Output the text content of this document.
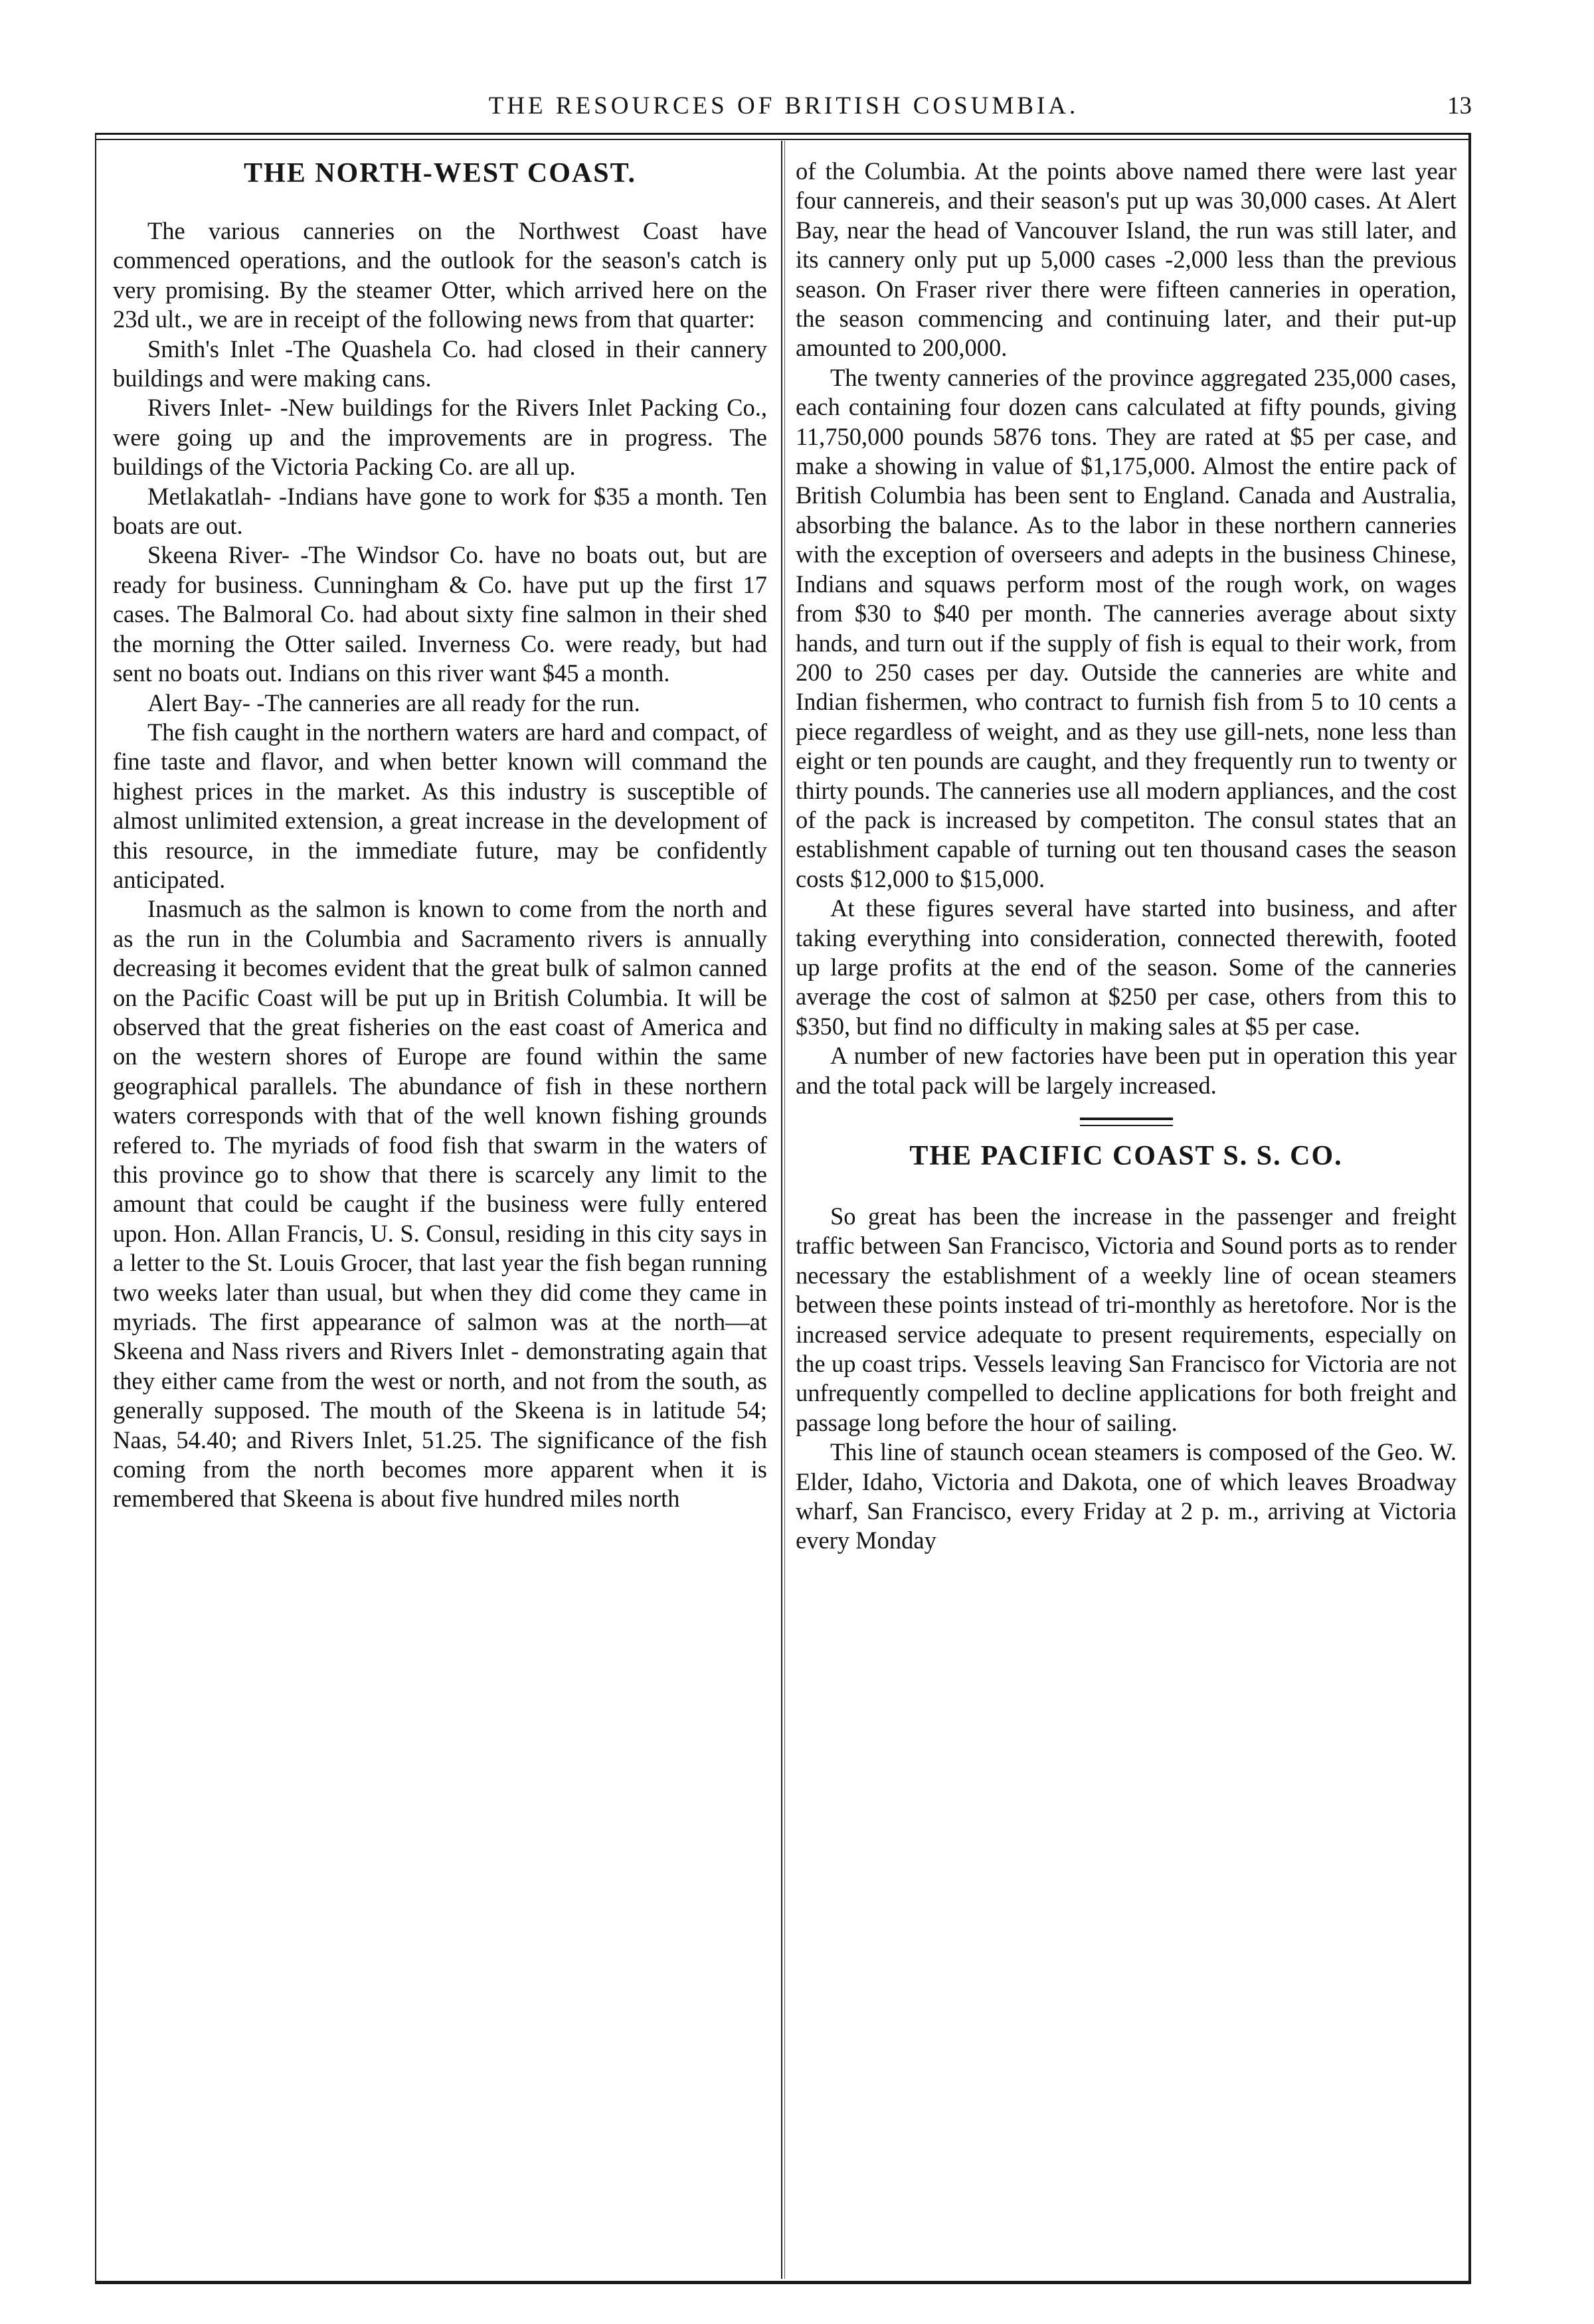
THE RESOURCES OF BRITISH COSUMBIA.	13
THE NORTH-WEST COAST.

The various canneries on the Northwest Coast have commenced operations, and the outlook for the season's catch is very promising. By the steamer Otter, which arrived here on the 23d ult., we are in receipt of the following news from that quarter:

Smith's Inlet -The Quashela Co. had closed in their cannery buildings and were making cans.

Rivers Inlet- -New buildings for the Rivers Inlet Packing Co., were going up and the improvements are in progress. The buildings of the Victoria Packing Co. are all up.

Metlakatlah- -Indians have gone to work for $35 a month. Ten boats are out.

Skeena River- -The Windsor Co. have no boats out, but are ready for business. Cunningham & Co. have put up the first 17 cases. The Balmoral Co. had about sixty fine salmon in their shed the morning the Otter sailed. Inverness Co. were ready, but had sent no boats out. Indians on this river want $45 a month.

Alert Bay- -The canneries are all ready for the run.

The fish caught in the northern waters are hard and compact, of fine taste and flavor, and when better known will command the highest prices in the market. As this industry is susceptible of almost unlimited extension, a great increase in the development of this resource, in the immediate future, may be confidently anticipated.

Inasmuch as the salmon is known to come from the north and as the run in the Columbia and Sacramento rivers is annually decreasing it becomes evident that the great bulk of salmon canned on the Pacific Coast will be put up in British Columbia. It will be observed that the great fisheries on the east coast of America and on the western shores of Europe are found within the same geographical parallels. The abundance of fish in these northern waters corresponds with that of the well known fishing grounds refered to. The myriads of food fish that swarm in the waters of this province go to show that there is scarcely any limit to the amount that could be caught if the business were fully entered upon. Hon. Allan Francis, U. S. Consul, residing in this city says in a letter to the St. Louis Grocer, that last year the fish began running two weeks later than usual, but when they did come they came in myriads. The first appearance of salmon was at the north—at Skeena and Nass rivers and Rivers Inlet - demonstrating again that they either came from the west or north, and not from the south, as generally supposed. The mouth of the Skeena is in latitude 54; Naas, 54.40; and Rivers Inlet, 51.25. The significance of the fish coming from the north becomes more apparent when it is remembered that Skeena is about five hundred miles north

of the Columbia. At the points above named there were last year four cannereis, and their season's put up was 30,000 cases. At Alert Bay, near the head of Vancouver Island, the run was still later, and its cannery only put up 5,000 cases -2,000 less than the previous season. On Fraser river there were fifteen canneries in operation, the season commencing and continuing later, and their put-up amounted to 200,000.

The twenty canneries of the province aggregated 235,000 cases, each containing four dozen cans calculated at fifty pounds, giving 11,750,000 pounds 5876 tons. They are rated at $5 per case, and make a showing in value of $1,175,000. Almost the entire pack of British Columbia has been sent to England. Canada and Australia, absorbing the balance. As to the labor in these northern canneries with the exception of overseers and adepts in the business Chinese, Indians and squaws perform most of the rough work, on wages from $30 to $40 per month. The canneries average about sixty hands, and turn out if the supply of fish is equal to their work, from 200 to 250 cases per day. Outside the canneries are white and Indian fishermen, who contract to furnish fish from 5 to 10 cents a piece regardless of weight, and as they use gill-nets, none less than eight or ten pounds are caught, and they frequently run to twenty or thirty pounds. The canneries use all modern appliances, and the cost of the pack is increased by competiton. The consul states that an establishment capable of turning out ten thousand cases the season costs $12,000 to $15,000.

At these figures several have started into business, and after taking everything into consideration, connected therewith, footed up large profits at the end of the season. Some of the canneries average the cost of salmon at $250 per case, others from this to $350, but find no difficulty in making sales at $5 per case.

A number of new factories have been put in operation this year and the total pack will be largely increased.

THE PACIFIC COAST S. S. CO.

So great has been the increase in the passenger and freight traffic between San Francisco, Victoria and Sound ports as to render necessary the establishment of a weekly line of ocean steamers between these points instead of tri-monthly as heretofore. Nor is the increased service adequate to present requirements, especially on the up coast trips. Vessels leaving San Francisco for Victoria are not unfrequently compelled to decline applications for both freight and passage long before the hour of sailing.

This line of staunch ocean steamers is composed of the Geo. W. Elder, Idaho, Victoria and Dakota, one of which leaves Broadway wharf, San Francisco, every Friday at 2 p. m., arriving at Victoria every Monday
